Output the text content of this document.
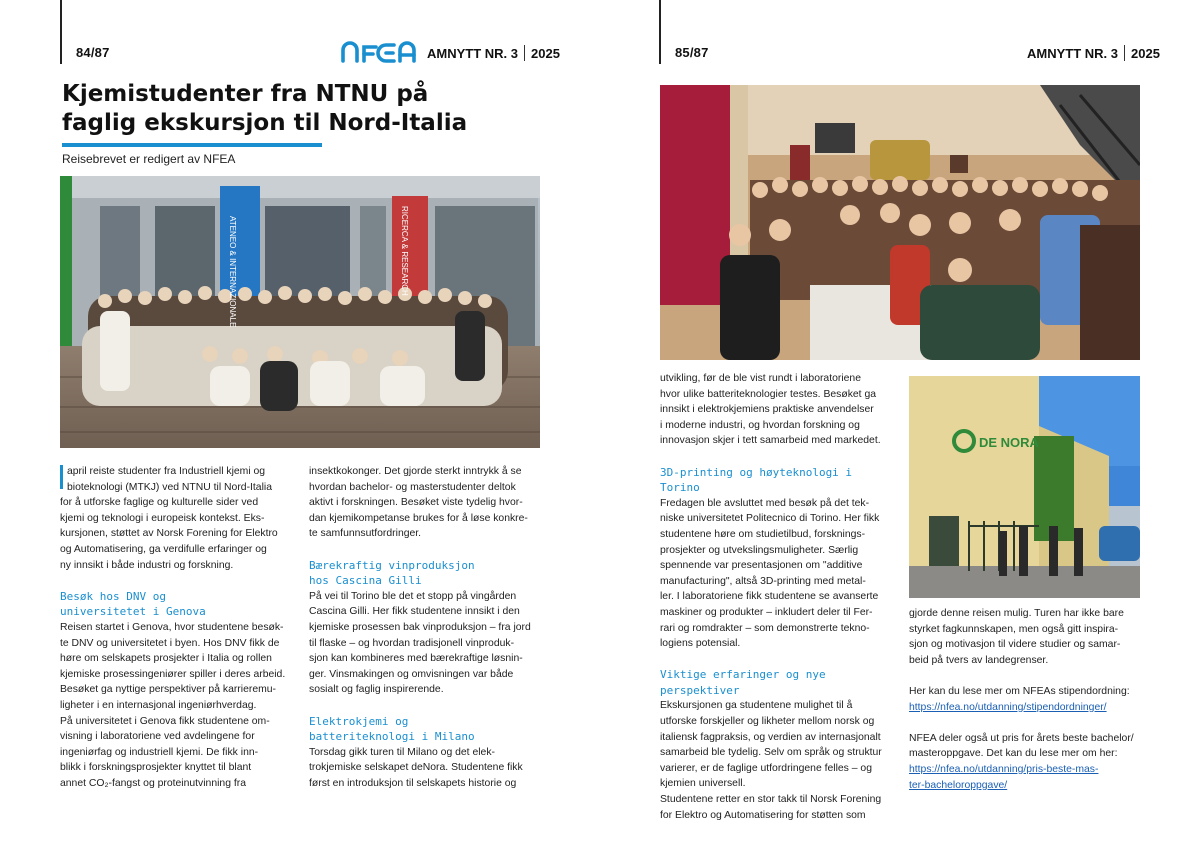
84/87	AMNYTT NR. 3 2025
Kjemistudenter fra NTNU på
faglig ekskursjon til Nord-Italia
Reisebrevet er redigert av NFEA
ATENEO & INTERNAZIONALE	RICERCA & RESEARCH

april reiste studenter fra Industriell kjemi og

bioteknologi (MTKJ) ved NTNU til Nord-Italia

for å utforske faglige og kulturelle sider ved

kjemi og teknologi i europeisk kontekst. Eks-

kursjonen, støttet av Norsk Forening for Elektro

og Automatisering, ga verdifulle erfaringer og

ny innsikt i både industri og forskning.

Besøk hos DNV og
universitetet i Genova

Reisen startet i Genova, hvor studentene besøk-

te DNV og universitetet i byen. Hos DNV fikk de

høre om selskapets prosjekter i Italia og rollen

kjemiske prosessingeniører spiller i deres arbeid.

Besøket ga nyttige perspektiver på karrieremu-

ligheter i en internasjonal ingeniørhverdag.

På universitetet i Genova fikk studentene om-

visning i laboratoriene ved avdelingene for

ingeniørfag og industriell kjemi. De fikk inn-

blikk i forskningsprosjekter knyttet til blant

annet CO₂-fangst og proteinutvinning fra

insektkokonger. Det gjorde sterkt inntrykk å se

hvordan bachelor- og masterstudenter deltok

aktivt i forskningen. Besøket viste tydelig hvor-

dan kjemikompetanse brukes for å løse konkre-

te samfunnsutfordringer.

Bærekraftig vinproduksjon
hos Cascina Gilli

På vei til Torino ble det et stopp på vingården

Cascina Gilli. Her fikk studentene innsikt i den

kjemiske prosessen bak vinproduksjon – fra jord

til flaske – og hvordan tradisjonell vinproduk-

sjon kan kombineres med bærekraftige løsnin-

ger. Vinsmakingen og omvisningen var både

sosialt og faglig inspirerende.

Elektrokjemi og
batteriteknologi i Milano

Torsdag gikk turen til Milano og det elek-

trokjemiske selskapet deNora. Studentene fikk

først en introduksjon til selskapets historie og

85/87	AMNYTT NR. 3 2025
DE NORA

utvikling, før de ble vist rundt i laboratoriene

hvor ulike batteriteknologier testes. Besøket ga

innsikt i elektrokjemiens praktiske anvendelser

i moderne industri, og hvordan forskning og

innovasjon skjer i tett samarbeid med markedet.

3D-printing og høyteknologi i Torino

Fredagen ble avsluttet med besøk på det tek-

niske universitetet Politecnico di Torino. Her fikk

studentene høre om studietilbud, forsknings-

prosjekter og utvekslingsmuligheter. Særlig

spennende var presentasjonen om "additive

manufacturing", altså 3D-printing med metal-

ler. I laboratoriene fikk studentene se avanserte

maskiner og produkter – inkludert deler til Fer-

rari og romdrakter – som demonstrerte tekno-

logiens potensial.

Viktige erfaringer og nye perspektiver

Ekskursjonen ga studentene mulighet til å

utforske forskjeller og likheter mellom norsk og

italiensk fagpraksis, og verdien av internasjonalt

samarbeid ble tydelig. Selv om språk og struktur

varierer, er de faglige utfordringene felles – og

kjemien universell.

Studentene retter en stor takk til Norsk Forening

for Elektro og Automatisering for støtten som

gjorde denne reisen mulig. Turen har ikke bare

styrket fagkunnskapen, men også gitt inspira-

sjon og motivasjon til videre studier og samar-

beid på tvers av landegrenser.

Her kan du lese mer om NFEAs stipendordning:

https://nfea.no/utdanning/stipendordninger/

NFEA deler også ut pris for årets beste bachelor/

masteroppgave. Det kan du lese mer om her:

https://nfea.no/utdanning/pris-beste-mas-
ter-bacheloroppgave/
